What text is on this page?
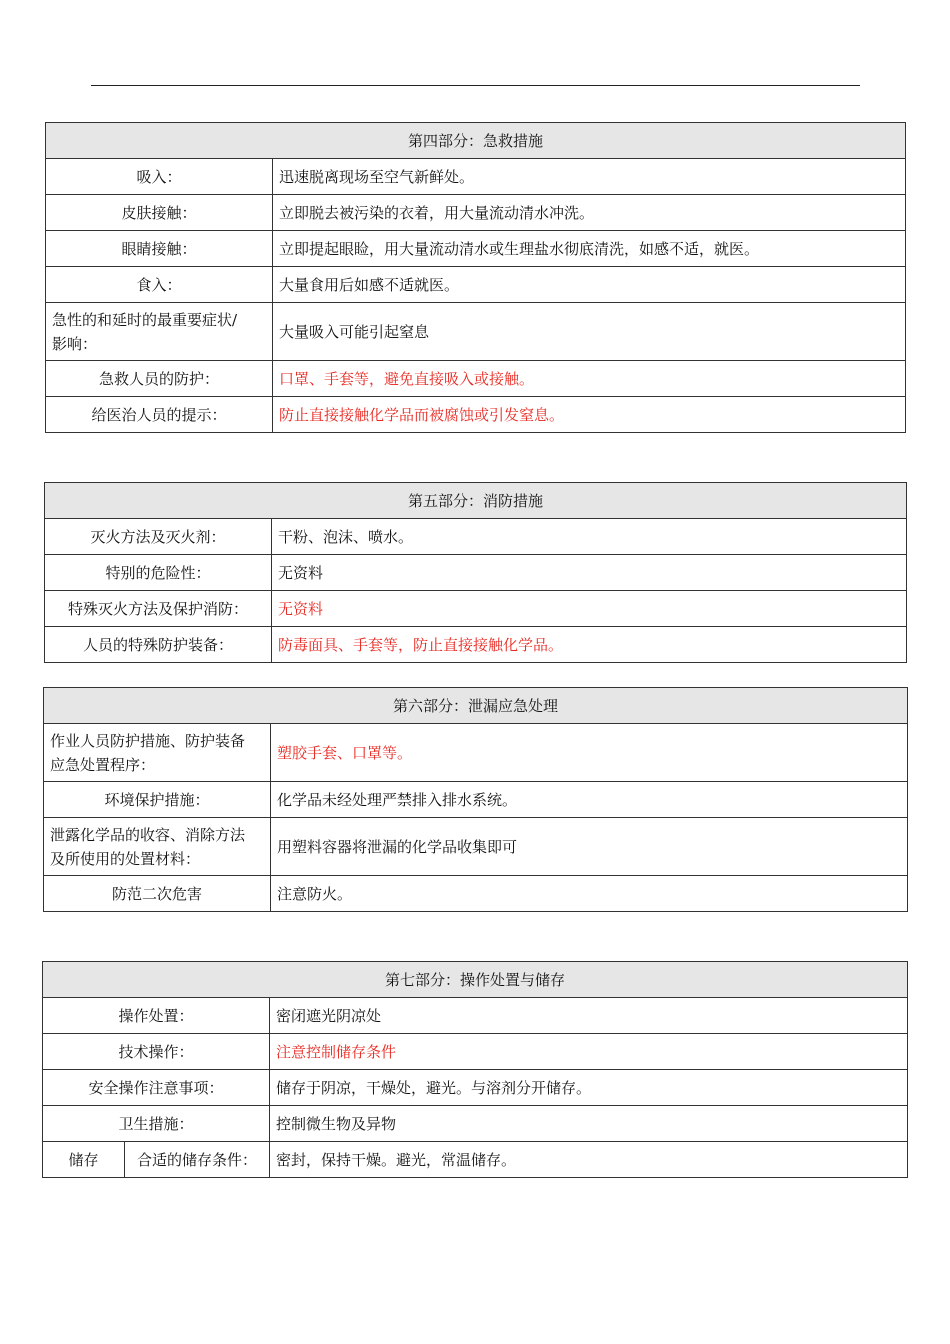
第四部分：急救措施	
吸入：	迅速脱离现场至空气新鲜处。
皮肤接触：	立即脱去被污染的衣着，用大量流动清水冲洗。
眼睛接触：	立即提起眼睑，用大量流动清水或生理盐水彻底清洗，如感不适，就医。
食入：	大量食用后如感不适就医。

急性的和延时的最重要症状/
影响：	大量吸入可能引起窒息
急救人员的防护：	口罩、手套等，避免直接吸入或接触。
给医治人员的提示：	防止直接接触化学品而被腐蚀或引发窒息。
第五部分：消防措施	
灭火方法及灭火剂：	干粉、泡沫、喷水。
特别的危险性：	无资料
特殊灭火方法及保护消防：	无资料
人员的特殊防护装备：	防毒面具、手套等，防止直接接触化学品。
第六部分：泄漏应急处理	

作业人员防护措施、防护装备
应急处置程序：	塑胶手套、口罩等。
环境保护措施：	化学品未经处理严禁排入排水系统。

泄露化学品的收容、消除方法
及所使用的处置材料：	用塑料容器将泄漏的化学品收集即可
防范二次危害	注意防火。
第七部分：操作处置与储存		
操作处置：		密闭遮光阴凉处
技术操作：		注意控制储存条件
安全操作注意事项：		储存于阴凉，干燥处，避光。与溶剂分开储存。
卫生措施：		控制微生物及异物
储存	合适的储存条件：	密封，保持干燥。避光，常温储存。
